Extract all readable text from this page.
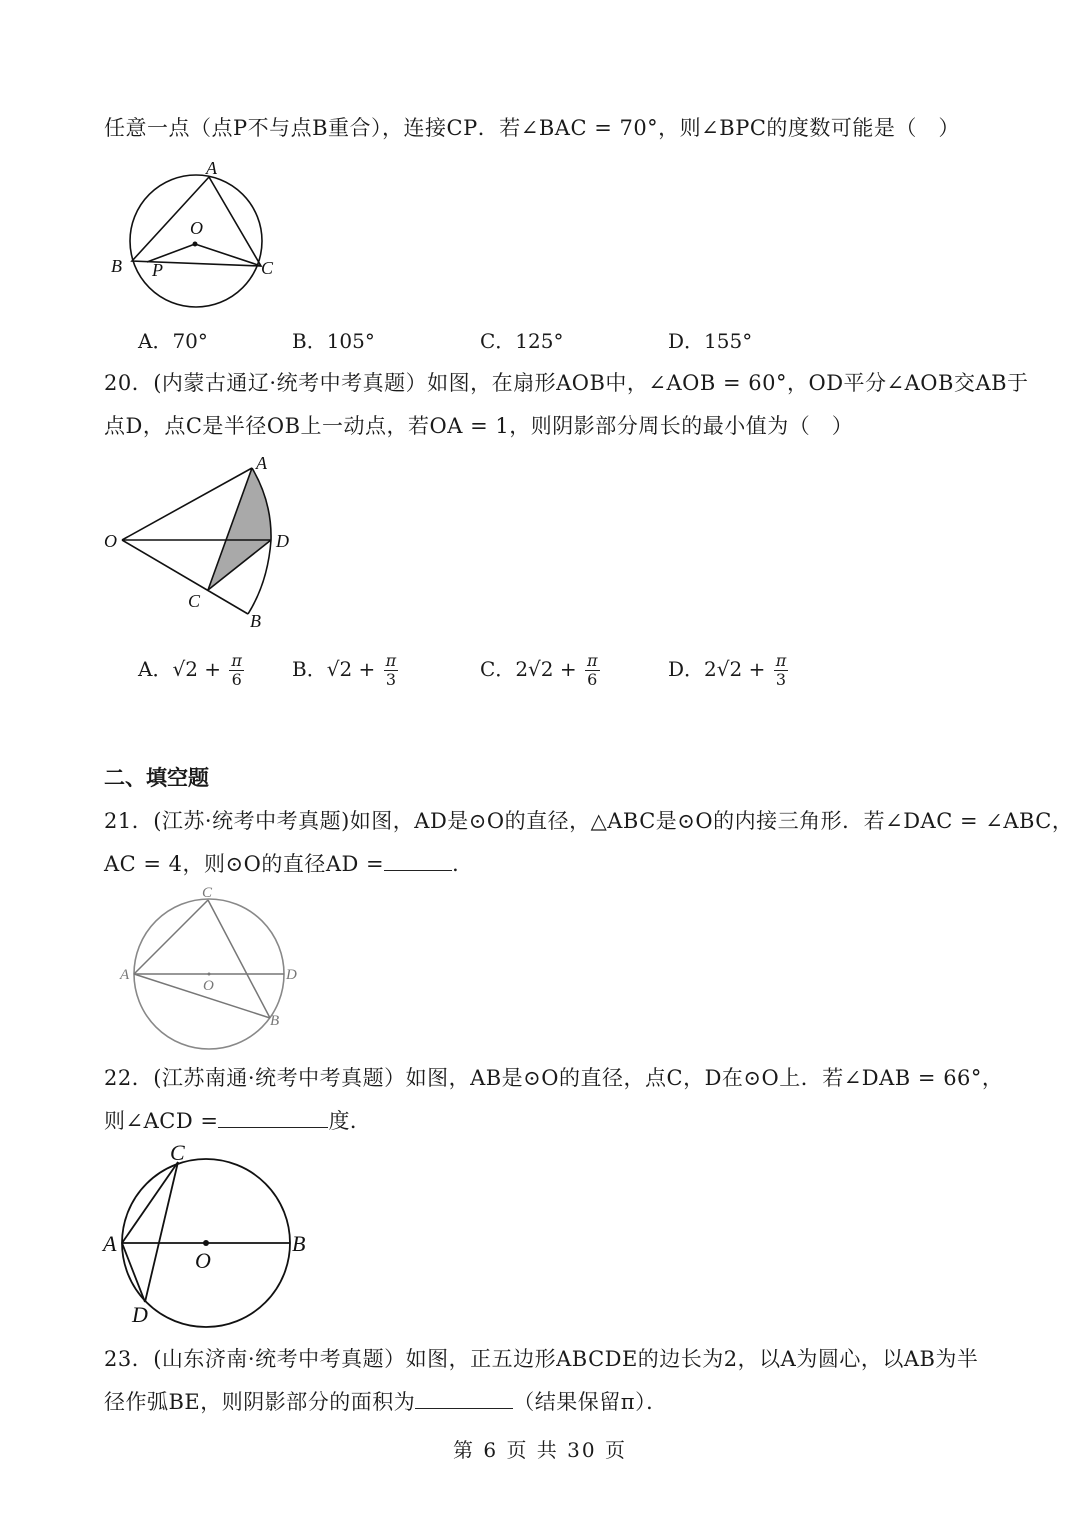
任意一点（点P不与点B重合），连接CP．若∠BAC = 70°，则∠BPC的度数可能是（　）
A
O
B P	C
A．70°	B．105°	C．125°	D．155°
20．(内蒙古通辽·统考中考真题）如图，在扇形AOB中，∠AOB = 60°，OD平分∠AOB交AB于
点D，点C是半径OB上一动点，若OA = 1，则阴影部分周长的最小值为（　）
A
O	D
C
B
A．$√2 + \frac{\pi}{6}$ B．$√2 + \frac{\pi}{3}$	C．$2√2 + \frac{\pi}{6}$	D．$2√2 + \frac{\pi}{3}$
二、填空题
21．(江苏·统考中考真题)如图，AD是⊙O的直径，△ABC是⊙O的内接三角形．若∠DAC = ∠ABC，
AC = 4，则⊙O的直径AD =	．
C
A
O
D
B
22．(江苏南通·统考中考真题）如图，AB是⊙O的直径，点C，D在⊙O上．若∠DAB = 66°，
则∠ACD =	度．
C
A
O
B
D
23．(山东济南·统考中考真题）如图，正五边形ABCDE的边长为2，以A为圆心，以AB为半
径作弧BE，则阴影部分的面积为	（结果保留π）．
第 6 页 共 30 页
